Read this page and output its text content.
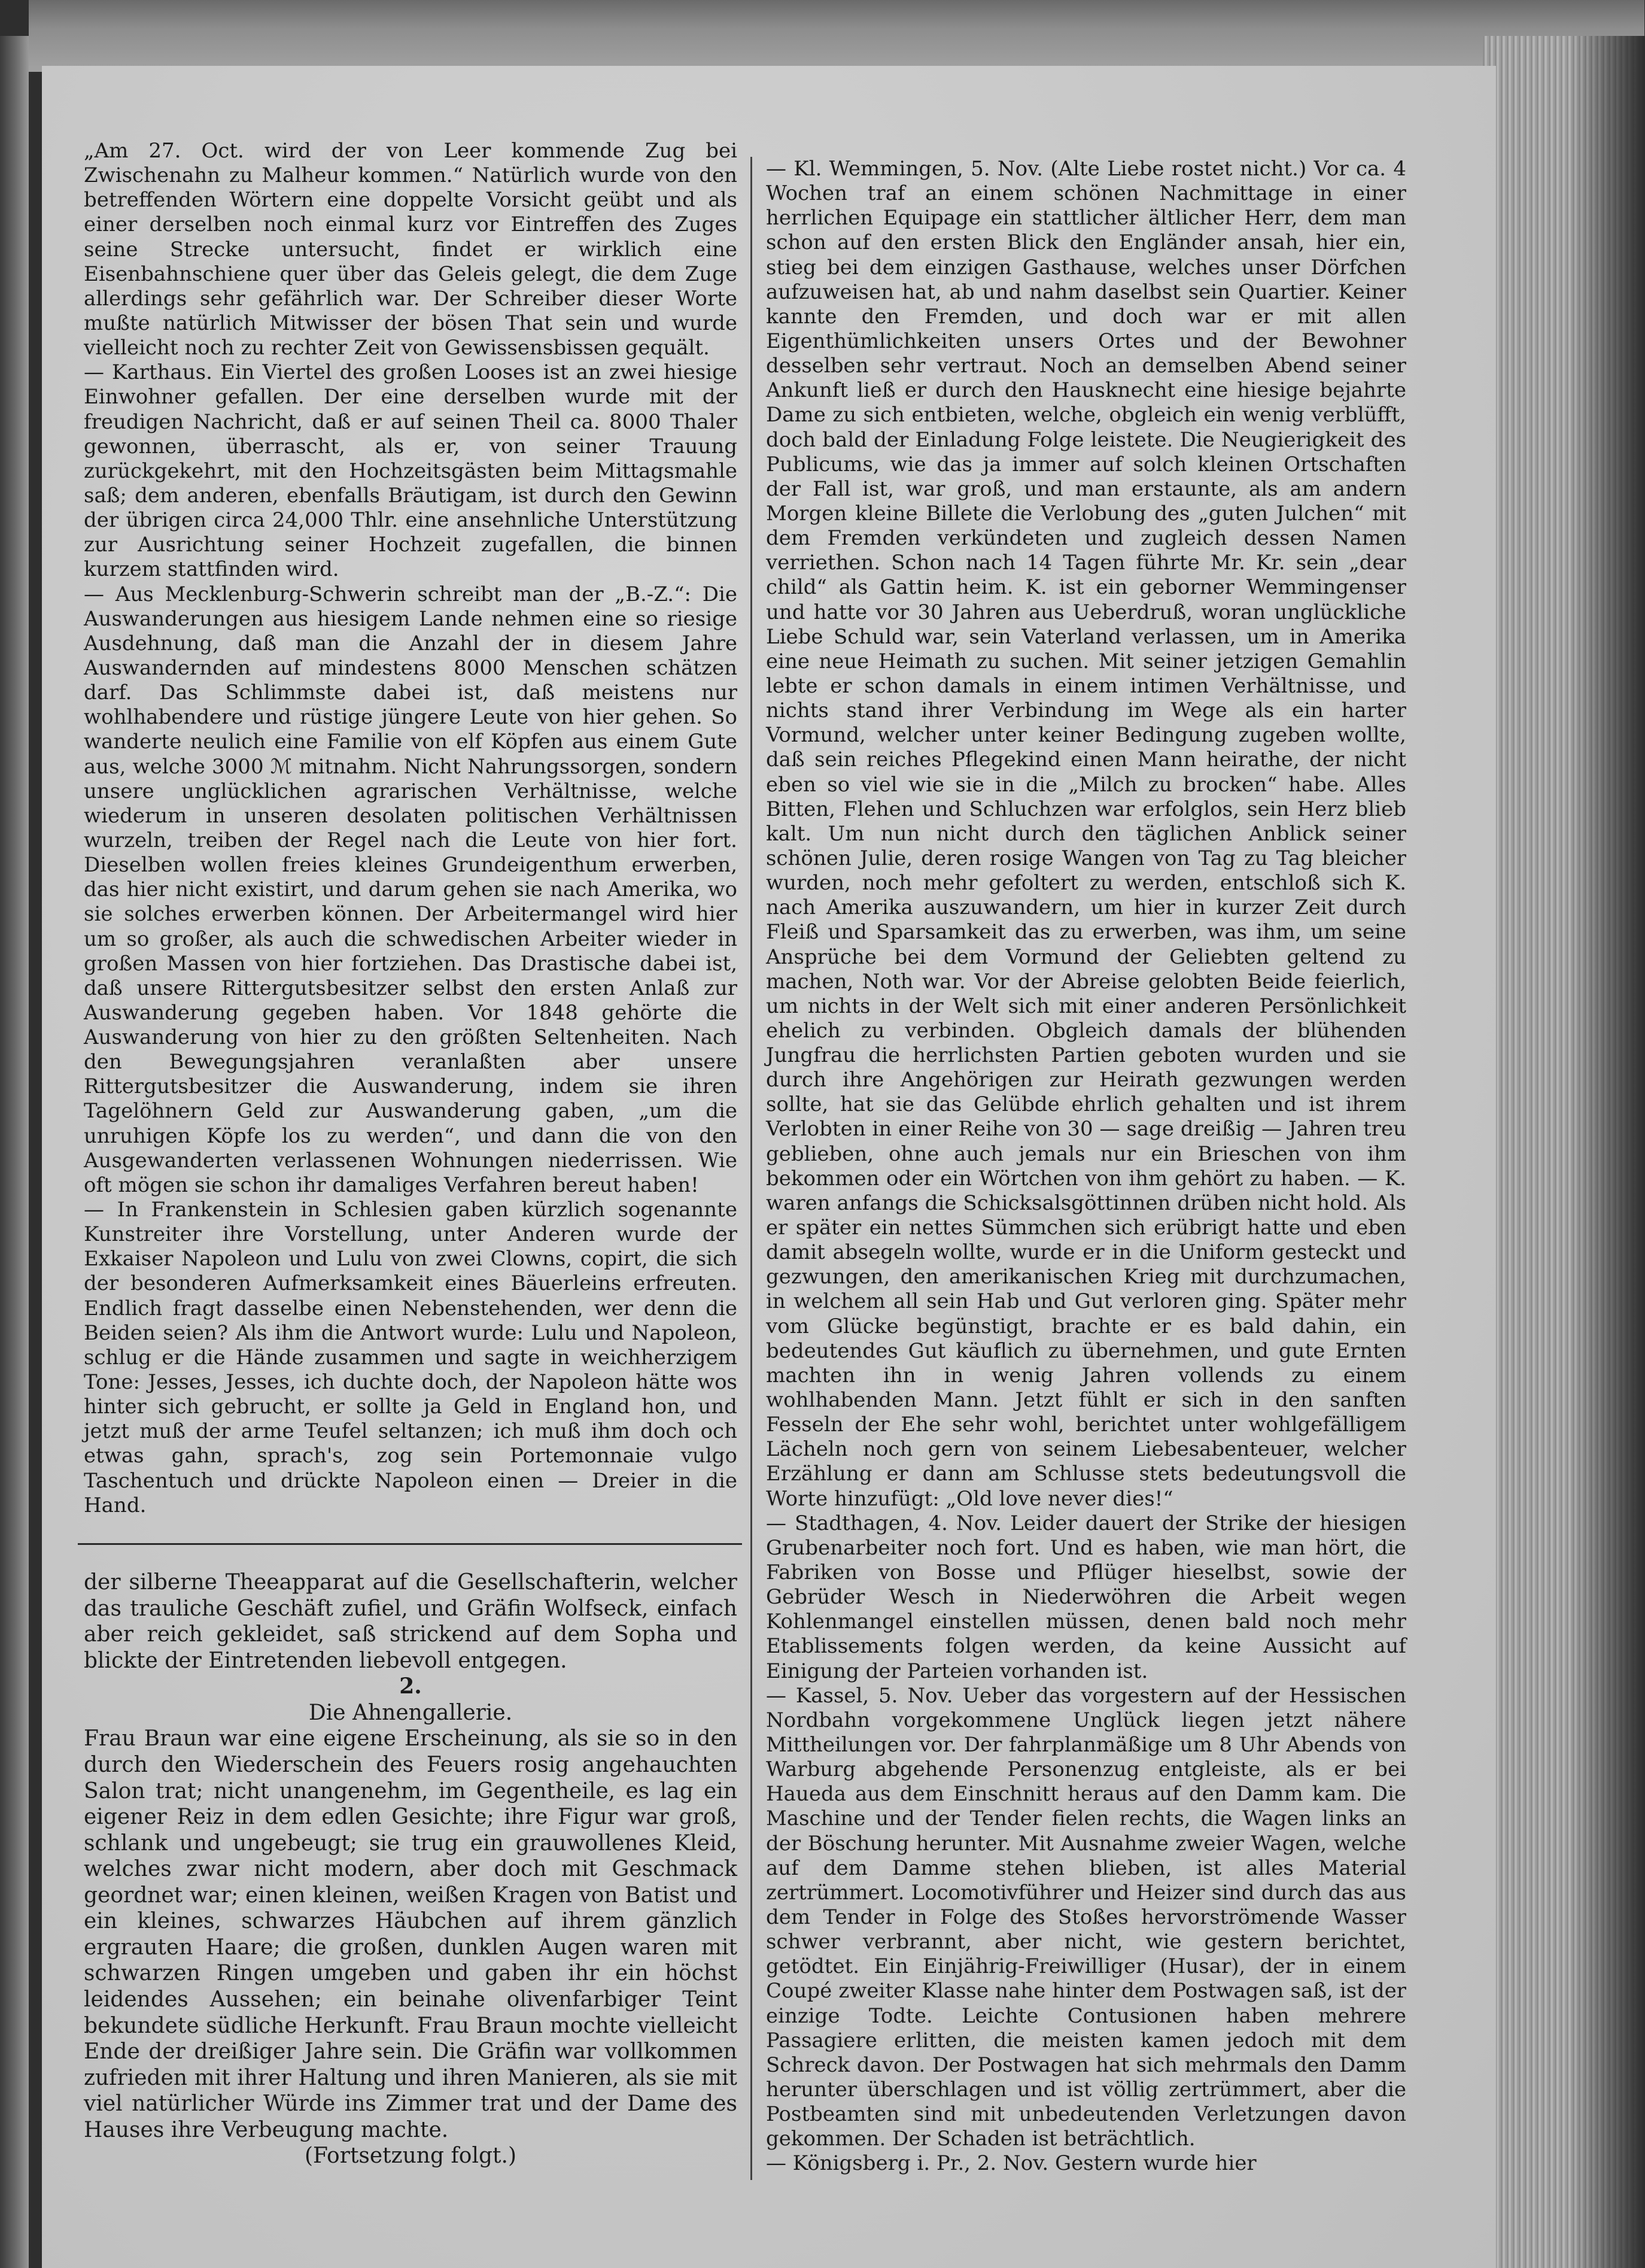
„Am 27. Oct. wird der von Leer kommende Zug bei Zwischenahn zu Malheur kommen.“ Natürlich wurde von den betreffenden Wörtern eine doppelte Vorsicht geübt und als einer derselben noch einmal kurz vor Eintreffen des Zuges seine Strecke untersucht, findet er wirklich eine Eisenbahnschiene quer über das Geleis gelegt, die dem Zuge allerdings sehr gefährlich war. Der Schreiber dieser Worte mußte natürlich Mitwisser der bösen That sein und wurde vielleicht noch zu rechter Zeit von Gewissensbissen gequält.

— Karthaus. Ein Viertel des großen Looses ist an zwei hiesige Einwohner gefallen. Der eine derselben wurde mit der freudigen Nachricht, daß er auf seinen Theil ca. 8000 Thaler gewonnen, überrascht, als er, von seiner Trauung zurückgekehrt, mit den Hochzeitsgästen beim Mittagsmahle saß; dem anderen, ebenfalls Bräutigam, ist durch den Gewinn der übrigen circa 24,000 Thlr. eine ansehnliche Unterstützung zur Ausrichtung seiner Hochzeit zugefallen, die binnen kurzem stattfinden wird.

— Aus Mecklenburg-Schwerin schreibt man der „B.-Z.“: Die Auswanderungen aus hiesigem Lande nehmen eine so riesige Ausdehnung, daß man die Anzahl der in diesem Jahre Auswandernden auf mindestens 8000 Menschen schätzen darf. Das Schlimmste dabei ist, daß meistens nur wohlhabendere und rüstige jüngere Leute von hier gehen. So wanderte neulich eine Familie von elf Köpfen aus einem Gute aus, welche 3000 ℳ mitnahm. Nicht Nahrungssorgen, sondern unsere unglücklichen agrarischen Verhältnisse, welche wiederum in unseren desolaten politischen Verhältnissen wurzeln, treiben der Regel nach die Leute von hier fort. Dieselben wollen freies kleines Grundeigenthum erwerben, das hier nicht existirt, und darum gehen sie nach Amerika, wo sie solches erwerben können. Der Arbeitermangel wird hier um so großer, als auch die schwedischen Arbeiter wieder in großen Massen von hier fortziehen. Das Drastische dabei ist, daß unsere Rittergutsbesitzer selbst den ersten Anlaß zur Auswanderung gegeben haben. Vor 1848 gehörte die Auswanderung von hier zu den größten Seltenheiten. Nach den Bewegungsjahren veranlaßten aber unsere Rittergutsbesitzer die Auswanderung, indem sie ihren Tagelöhnern Geld zur Auswanderung gaben, „um die unruhigen Köpfe los zu werden“, und dann die von den Ausgewanderten verlassenen Wohnungen niederrissen. Wie oft mögen sie schon ihr damaliges Verfahren bereut haben!

— In Frankenstein in Schlesien gaben kürzlich sogenannte Kunstreiter ihre Vorstellung, unter Anderen wurde der Exkaiser Napoleon und Lulu von zwei Clowns, copirt, die sich der besonderen Aufmerksamkeit eines Bäuerleins erfreuten. Endlich fragt dasselbe einen Nebenstehenden, wer denn die Beiden seien? Als ihm die Antwort wurde: Lulu und Napoleon, schlug er die Hände zusammen und sagte in weichherzigem Tone: Jesses, Jesses, ich duchte doch, der Napoleon hätte wos hinter sich gebrucht, er sollte ja Geld in England hon, und jetzt muß der arme Teufel seltanzen; ich muß ihm doch och etwas gahn, sprach's, zog sein Portemonnaie vulgo Taschentuch und drückte Napoleon einen — Dreier in die Hand.

der silberne Theeapparat auf die Gesellschafterin, welcher das trauliche Geschäft zufiel, und Gräfin Wolfseck, einfach aber reich gekleidet, saß strickend auf dem Sopha und blickte der Eintretenden liebevoll entgegen.

2.
Die Ahnengallerie.

Frau Braun war eine eigene Erscheinung, als sie so in den durch den Wiederschein des Feuers rosig angehauchten Salon trat; nicht unangenehm, im Gegentheile, es lag ein eigener Reiz in dem edlen Gesichte; ihre Figur war groß, schlank und ungebeugt; sie trug ein grauwollenes Kleid, welches zwar nicht modern, aber doch mit Geschmack geordnet war; einen kleinen, weißen Kragen von Batist und ein kleines, schwarzes Häubchen auf ihrem gänzlich ergrauten Haare; die großen, dunklen Augen waren mit schwarzen Ringen umgeben und gaben ihr ein höchst leidendes Aussehen; ein beinahe olivenfarbiger Teint bekundete südliche Herkunft. Frau Braun mochte vielleicht Ende der dreißiger Jahre sein. Die Gräfin war vollkommen zufrieden mit ihrer Haltung und ihren Manieren, als sie mit viel natürlicher Würde ins Zimmer trat und der Dame des Hauses ihre Verbeugung machte.

(Fortsetzung folgt.)

— Kl. Wemmingen, 5. Nov. (Alte Liebe rostet nicht.) Vor ca. 4 Wochen traf an einem schönen Nachmittage in einer herrlichen Equipage ein stattlicher ältlicher Herr, dem man schon auf den ersten Blick den Engländer ansah, hier ein, stieg bei dem einzigen Gasthause, welches unser Dörfchen aufzuweisen hat, ab und nahm daselbst sein Quartier. Keiner kannte den Fremden, und doch war er mit allen Eigenthümlichkeiten unsers Ortes und der Bewohner desselben sehr vertraut. Noch an demselben Abend seiner Ankunft ließ er durch den Hausknecht eine hiesige bejahrte Dame zu sich entbieten, welche, obgleich ein wenig verblüfft, doch bald der Einladung Folge leistete. Die Neugierigkeit des Publicums, wie das ja immer auf solch kleinen Ortschaften der Fall ist, war groß, und man erstaunte, als am andern Morgen kleine Billete die Verlobung des „guten Julchen“ mit dem Fremden verkündeten und zugleich dessen Namen verriethen. Schon nach 14 Tagen führte Mr. Kr. sein „dear child“ als Gattin heim. K. ist ein geborner Wemmingenser und hatte vor 30 Jahren aus Ueberdruß, woran unglückliche Liebe Schuld war, sein Vaterland verlassen, um in Amerika eine neue Heimath zu suchen. Mit seiner jetzigen Gemahlin lebte er schon damals in einem intimen Verhältnisse, und nichts stand ihrer Verbindung im Wege als ein harter Vormund, welcher unter keiner Bedingung zugeben wollte, daß sein reiches Pflegekind einen Mann heirathe, der nicht eben so viel wie sie in die „Milch zu brocken“ habe. Alles Bitten, Flehen und Schluchzen war erfolglos, sein Herz blieb kalt. Um nun nicht durch den täglichen Anblick seiner schönen Julie, deren rosige Wangen von Tag zu Tag bleicher wurden, noch mehr gefoltert zu werden, entschloß sich K. nach Amerika auszuwandern, um hier in kurzer Zeit durch Fleiß und Sparsamkeit das zu erwerben, was ihm, um seine Ansprüche bei dem Vormund der Geliebten geltend zu machen, Noth war. Vor der Abreise gelobten Beide feierlich, um nichts in der Welt sich mit einer anderen Persönlichkeit ehelich zu verbinden. Obgleich damals der blühenden Jungfrau die herrlichsten Partien geboten wurden und sie durch ihre Angehörigen zur Heirath gezwungen werden sollte, hat sie das Gelübde ehrlich gehalten und ist ihrem Verlobten in einer Reihe von 30 — sage dreißig — Jahren treu geblieben, ohne auch jemals nur ein Brieschen von ihm bekommen oder ein Wörtchen von ihm gehört zu haben. — K. waren anfangs die Schicksalsgöttinnen drüben nicht hold. Als er später ein nettes Sümmchen sich erübrigt hatte und eben damit absegeln wollte, wurde er in die Uniform gesteckt und gezwungen, den amerikanischen Krieg mit durchzumachen, in welchem all sein Hab und Gut verloren ging. Später mehr vom Glücke begünstigt, brachte er es bald dahin, ein bedeutendes Gut käuflich zu übernehmen, und gute Ernten machten ihn in wenig Jahren vollends zu einem wohlhabenden Mann. Jetzt fühlt er sich in den sanften Fesseln der Ehe sehr wohl, berichtet unter wohlgefälligem Lächeln noch gern von seinem Liebesabenteuer, welcher Erzählung er dann am Schlusse stets bedeutungsvoll die Worte hinzufügt: „Old love never dies!“

— Stadthagen, 4. Nov. Leider dauert der Strike der hiesigen Grubenarbeiter noch fort. Und es haben, wie man hört, die Fabriken von Bosse und Pflüger hieselbst, sowie der Gebrüder Wesch in Niederwöhren die Arbeit wegen Kohlenmangel einstellen müssen, denen bald noch mehr Etablissements folgen werden, da keine Aussicht auf Einigung der Parteien vorhanden ist.

— Kassel, 5. Nov. Ueber das vorgestern auf der Hessischen Nordbahn vorgekommene Unglück liegen jetzt nähere Mittheilungen vor. Der fahrplanmäßige um 8 Uhr Abends von Warburg abgehende Personenzug entgleiste, als er bei Haueda aus dem Einschnitt heraus auf den Damm kam. Die Maschine und der Tender fielen rechts, die Wagen links an der Böschung herunter. Mit Ausnahme zweier Wagen, welche auf dem Damme stehen blieben, ist alles Material zertrümmert. Locomotivführer und Heizer sind durch das aus dem Tender in Folge des Stoßes hervorströmende Wasser schwer verbrannt, aber nicht, wie gestern berichtet, getödtet. Ein Einjährig-Freiwilliger (Husar), der in einem Coupé zweiter Klasse nahe hinter dem Postwagen saß, ist der einzige Todte. Leichte Contusionen haben mehrere Passagiere erlitten, die meisten kamen jedoch mit dem Schreck davon. Der Postwagen hat sich mehrmals den Damm herunter überschlagen und ist völlig zertrümmert, aber die Postbeamten sind mit unbedeutenden Verletzungen davon gekommen. Der Schaden ist beträchtlich.

— Königsberg i. Pr., 2. Nov. Gestern wurde hier
